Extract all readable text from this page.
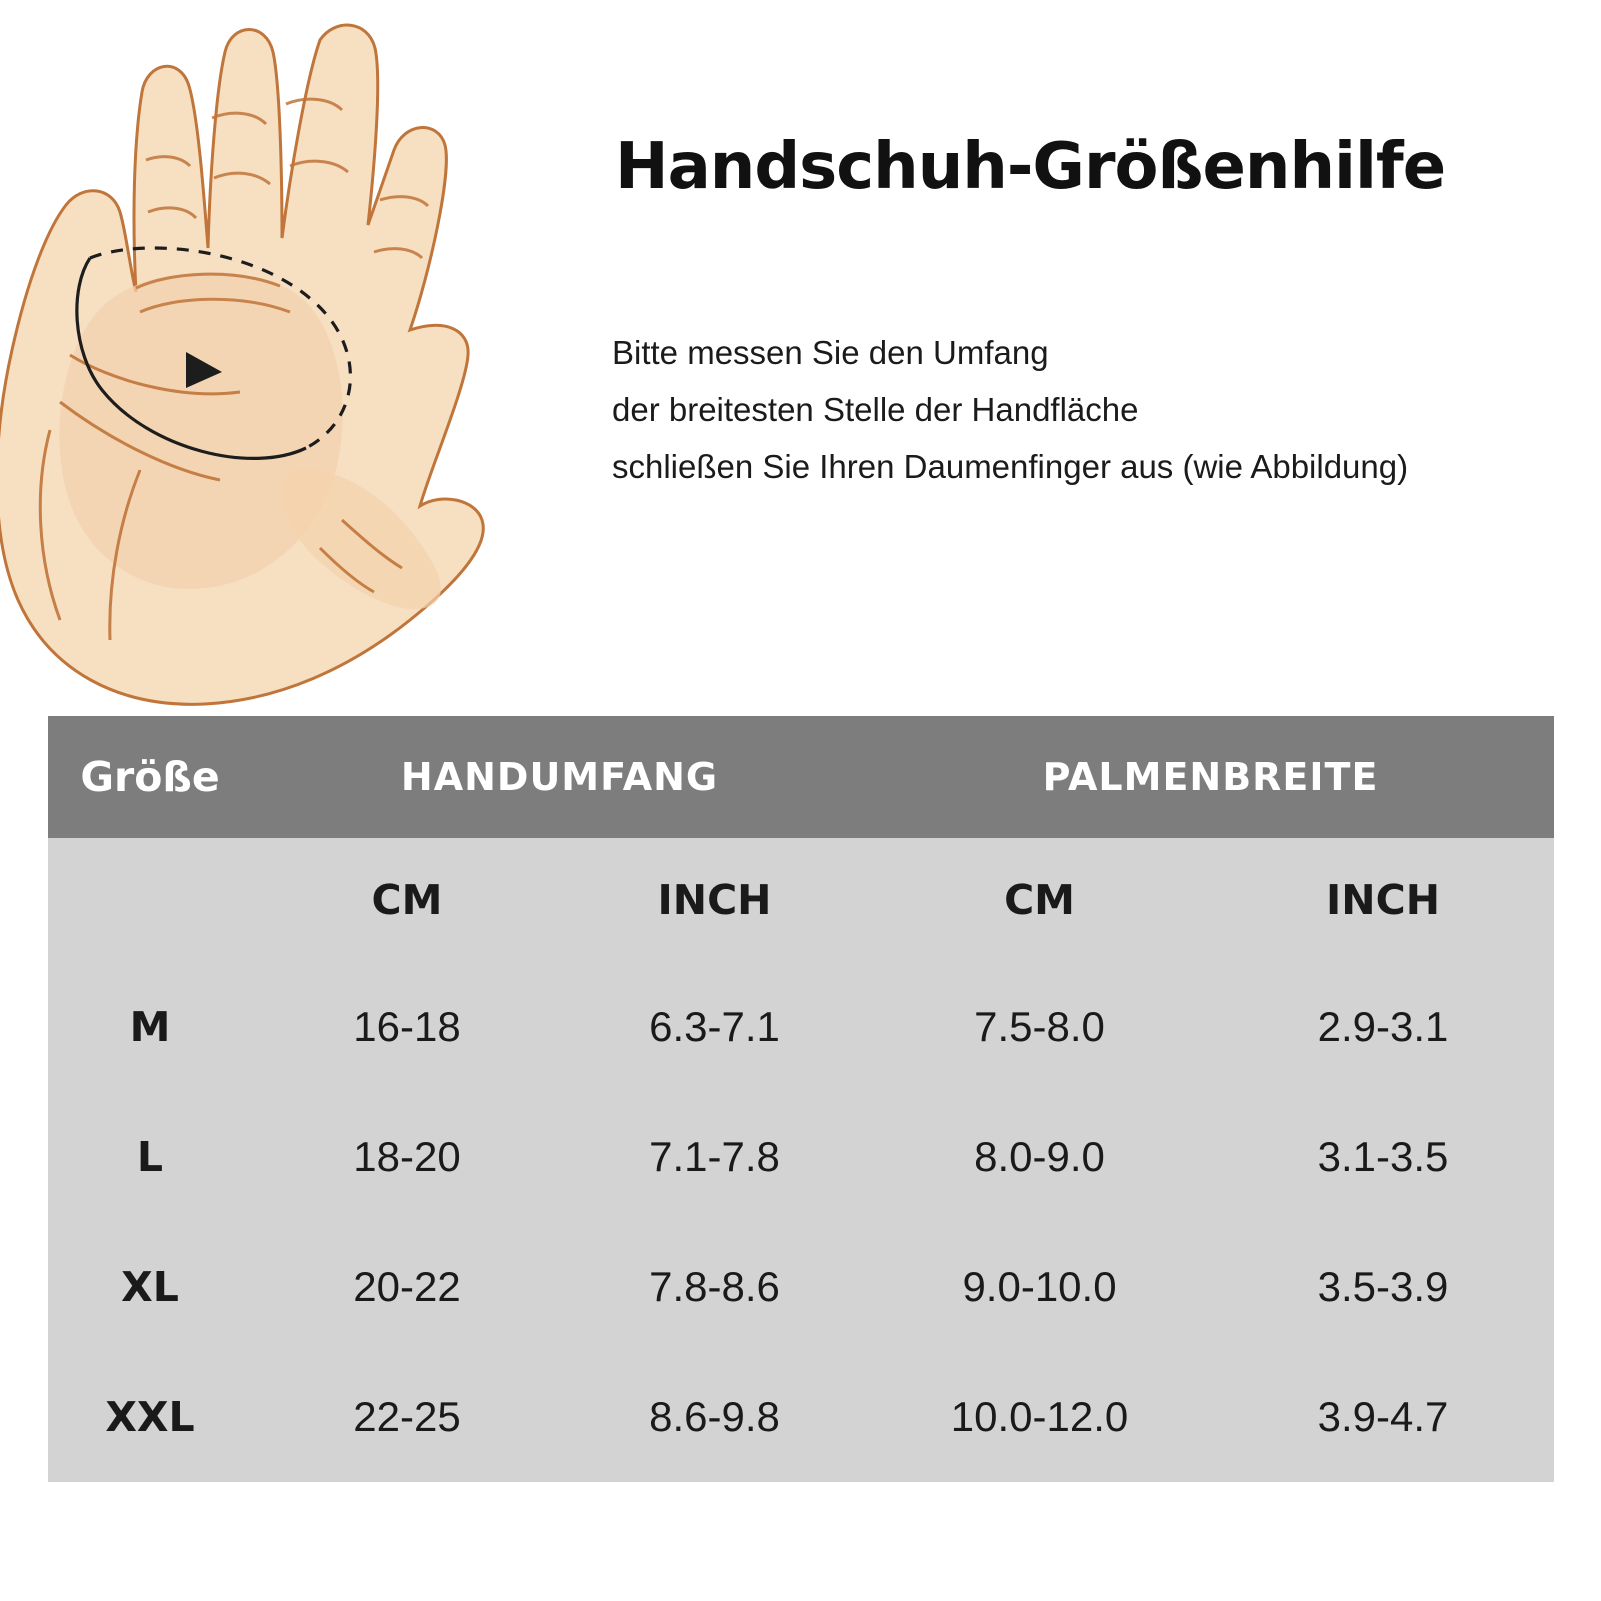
Handschuh-Größenhilfe
Bitte messen Sie den Umfang
der breitesten Stelle der Handfläche
schließen Sie Ihren Daumenfinger aus (wie Abbildung)
Größe	HANDUMFANG		PALMENBREITE	
	CM	INCH	CM	INCH
M	16-18	6.3-7.1	7.5-8.0	2.9-3.1
L	18-20	7.1-7.8	8.0-9.0	3.1-3.5
XL	20-22	7.8-8.6	9.0-10.0	3.5-3.9
XXL	22-25	8.6-9.8	10.0-12.0	3.9-4.7
